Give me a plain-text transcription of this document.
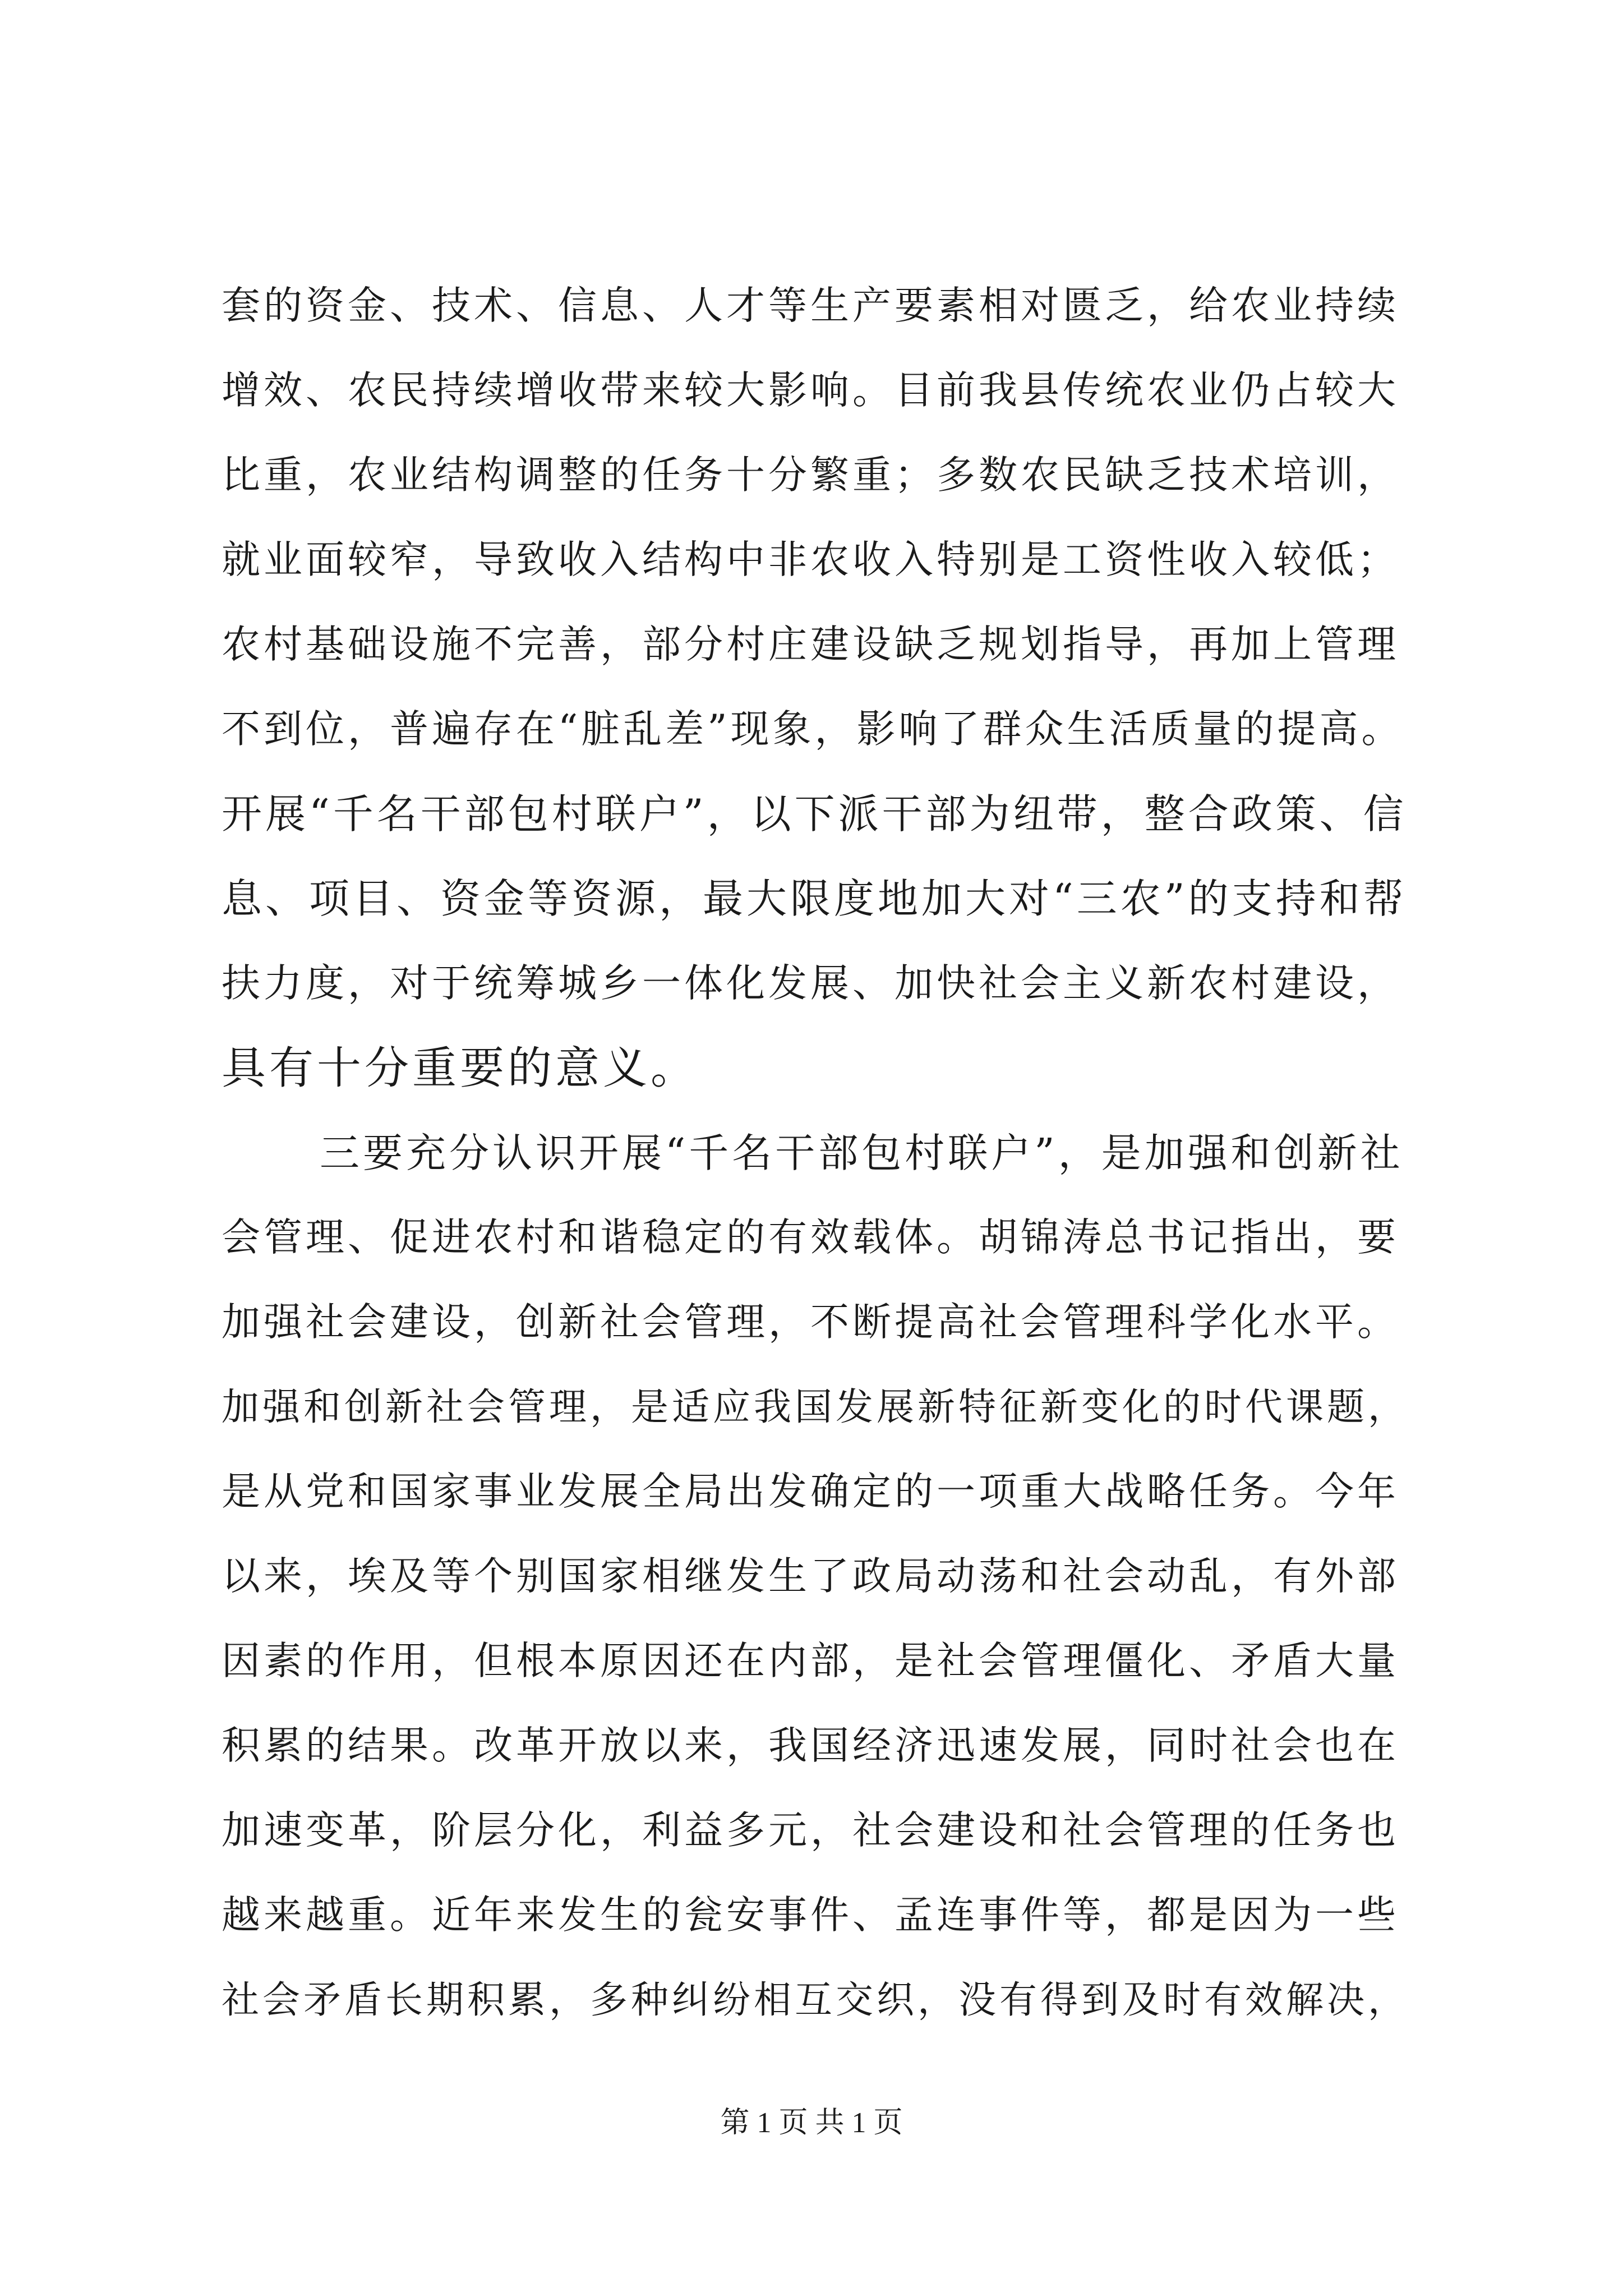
套的资金、技术、信息、人才等生产要素相对匮乏，给农业持续
增效、农民持续增收带来较大影响。目前我县传统农业仍占较大
比重，农业结构调整的任务十分繁重；多数农民缺乏技术培训，
就业面较窄，导致收入结构中非农收入特别是工资性收入较低；
农村基础设施不完善，部分村庄建设缺乏规划指导，再加上管理
不到位，普遍存在“脏乱差”现象，影响了群众生活质量的提高。
开展“千名干部包村联户”，以下派干部为纽带，整合政策、信
息、项目、资金等资源，最大限度地加大对“三农”的支持和帮
扶力度，对于统筹城乡一体化发展、加快社会主义新农村建设，
具有十分重要的意义。
三要充分认识开展“千名干部包村联户”，是加强和创新社
会管理、促进农村和谐稳定的有效载体。胡锦涛总书记指出，要
加强社会建设，创新社会管理，不断提高社会管理科学化水平。
加强和创新社会管理，是适应我国发展新特征新变化的时代课题，
是从党和国家事业发展全局出发确定的一项重大战略任务。今年
以来，埃及等个别国家相继发生了政局动荡和社会动乱，有外部
因素的作用，但根本原因还在内部，是社会管理僵化、矛盾大量
积累的结果。改革开放以来，我国经济迅速发展，同时社会也在
加速变革，阶层分化，利益多元，社会建设和社会管理的任务也
越来越重。近年来发生的瓮安事件、孟连事件等，都是因为一些
社会矛盾长期积累，多种纠纷相互交织，没有得到及时有效解决，
第 1 页 共 1 页
